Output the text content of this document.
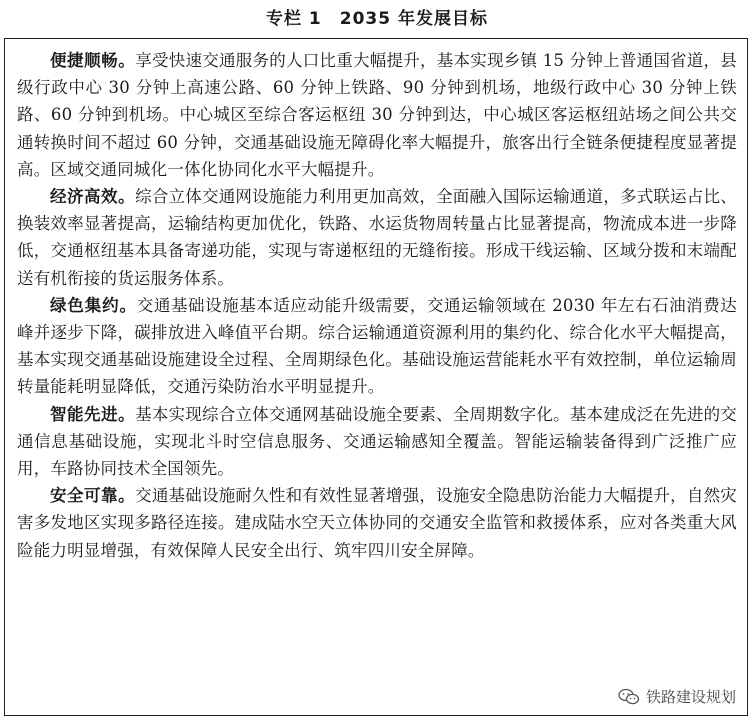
专栏 1　2035 年发展目标

便捷顺畅。享受快速交通服务的人口比重大幅提升，基本实现乡镇 15 分钟上普通国省道，县级行政中心 30 分钟上高速公路、60 分钟上铁路、90 分钟到机场，地级行政中心 30 分钟上铁路、60 分钟到机场。中心城区至综合客运枢纽 30 分钟到达，中心城区客运枢纽站场之间公共交通转换时间不超过 60 分钟，交通基础设施无障碍化率大幅提升，旅客出行全链条便捷程度显著提高。区域交通同城化一体化协同化水平大幅提升。

经济高效。综合立体交通网设施能力利用更加高效，全面融入国际运输通道，多式联运占比、换装效率显著提高，运输结构更加优化，铁路、水运货物周转量占比显著提高，物流成本进一步降低，交通枢纽基本具备寄递功能，实现与寄递枢纽的无缝衔接。形成干线运输、区域分拨和末端配送有机衔接的货运服务体系。

绿色集约。交通基础设施基本适应动能升级需要，交通运输领域在 2030 年左右石油消费达峰并逐步下降，碳排放进入峰值平台期。综合运输通道资源利用的集约化、综合化水平大幅提高，基本实现交通基础设施建设全过程、全周期绿色化。基础设施运营能耗水平有效控制，单位运输周转量能耗明显降低，交通污染防治水平明显提升。

智能先进。基本实现综合立体交通网基础设施全要素、全周期数字化。基本建成泛在先进的交通信息基础设施，实现北斗时空信息服务、交通运输感知全覆盖。智能运输装备得到广泛推广应用，车路协同技术全国领先。

安全可靠。交通基础设施耐久性和有效性显著增强，设施安全隐患防治能力大幅提升，自然灾害多发地区实现多路径连接。建成陆水空天立体协同的交通安全监管和救援体系，应对各类重大风险能力明显增强，有效保障人民安全出行、筑牢四川安全屏障。

铁路建设规划
